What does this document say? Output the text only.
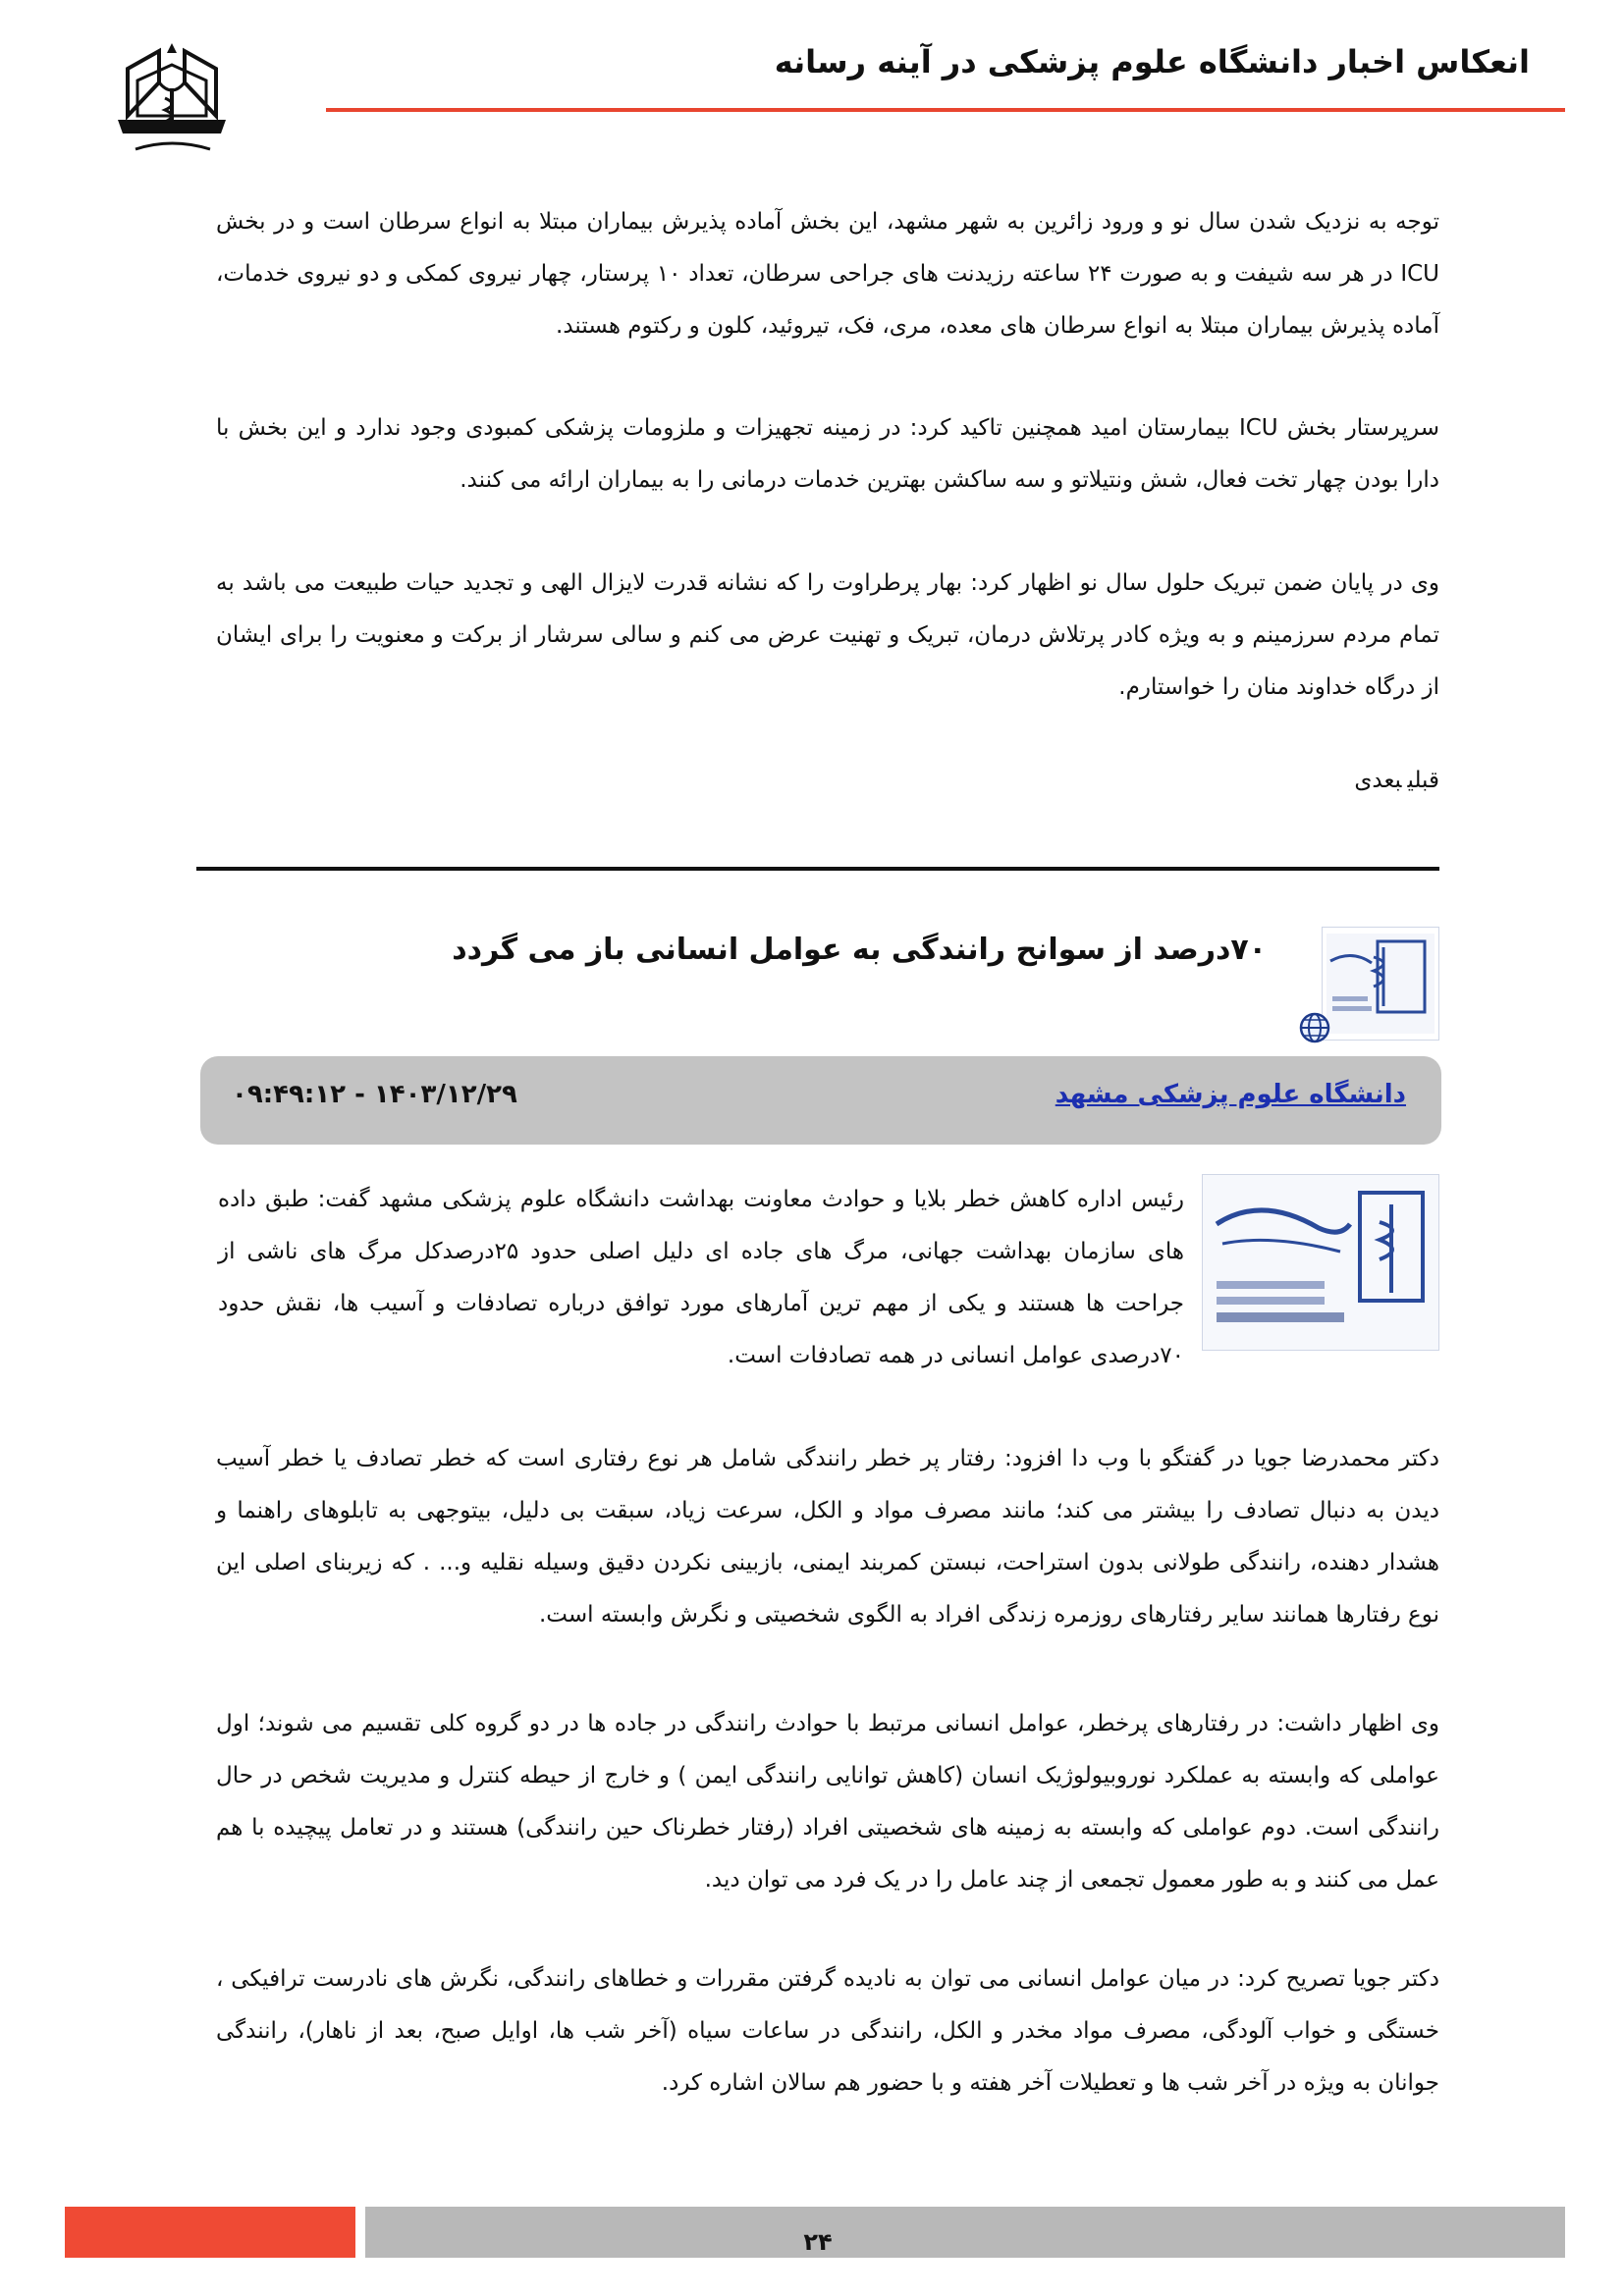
انعکاس اخبار دانشگاه علوم پزشکی در آینه رسانه
توجه به نزدیک شدن سال نو و ورود زائرین به شهر مشهد، این بخش آماده پذیرش بیماران مبتلا به انواع سرطان است و در بخش ICU در هر سه شیفت و به صورت ۲۴ ساعته رزیدنت های جراحی سرطان، تعداد ۱۰ پرستار، چهار نیروی کمکی و دو نیروی خدمات، آماده پذیرش بیماران مبتلا به انواع سرطان های معده، مری، فک، تیروئید، کلون و رکتوم هستند.
سرپرستار بخش ICU بیمارستان امید همچنین تاکید کرد: در زمینه تجهیزات و ملزومات پزشکی کمبودی وجود ندارد و این بخش با دارا بودن چهار تخت فعال، شش ونتیلاتو و سه ساکشن بهترین خدمات درمانی را به بیماران ارائه می کنند.
وی در پایان ضمن تبریک حلول سال نو اظهار کرد: بهار پرطراوت را که نشانه قدرت لایزال الهی و تجدید حیات طبیعت می باشد به تمام مردم سرزمینم و به ویژه کادر پرتلاش درمان، تبریک و تهنیت عرض می کنم و سالی سرشار از برکت و معنویت را برای ایشان از درگاه خداوند منان را خواستارم.
قبلیبعدی
۷۰درصد از سوانح رانندگی به عوامل انسانی باز می گردد
دانشگاه علوم پزشکی مشهد
۱۴۰۳/۱۲/۲۹ - ۰۹:۴۹:۱۲
رئیس اداره کاهش خطر بلایا و حوادث معاونت بهداشت دانشگاه علوم پزشکی مشهد گفت: طبق داده های سازمان بهداشت جهانی، مرگ های جاده ای دلیل اصلی حدود ۲۵درصدکل مرگ های ناشی از جراحت ها هستند و یکی از مهم ترین آمارهای مورد توافق درباره تصادفات و آسیب ها، نقش حدود ۷۰درصدی عوامل انسانی در همه تصادفات است.
دکتر محمدرضا جویا در گفتگو با وب دا افزود: رفتار پر خطر رانندگی شامل هر نوع رفتاری است که خطر تصادف یا خطر آسیب دیدن به دنبال تصادف را بیشتر می کند؛ مانند مصرف مواد و الکل، سرعت زیاد، سبقت بی دلیل، بیتوجهی به تابلوهای راهنما و هشدار دهنده، رانندگی طولانی بدون استراحت، نبستن کمربند ایمنی، بازبینی نکردن دقیق وسیله نقلیه و... . که زیربنای اصلی این نوع رفتارها همانند سایر رفتارهای روزمره زندگی افراد به الگوی شخصیتی و نگرش وابسته است.
وی اظهار داشت: در رفتارهای پرخطر، عوامل انسانی مرتبط با حوادث رانندگی در جاده ها در دو گروه کلی تقسیم می شوند؛ اول عواملی که وابسته به عملکرد نوروبیولوژیک انسان (کاهش توانایی رانندگی ایمن ) و خارج از حیطه کنترل و مدیریت شخص در حال رانندگی است. دوم عواملی که وابسته به زمینه های شخصیتی افراد (رفتار خطرناک حین رانندگی) هستند و در تعامل پیچیده با هم عمل می کنند و به طور معمول تجمعی از چند عامل را در یک فرد می توان دید.
دکتر جویا تصریح کرد: در میان عوامل انسانی می توان به نادیده گرفتن مقررات و خطاهای رانندگی، نگرش های نادرست ترافیکی ، خستگی و خواب آلودگی، مصرف مواد مخدر و الکل، رانندگی در ساعات سیاه (آخر شب ها، اوایل صبح، بعد از ناهار)، رانندگی جوانان به ویژه در آخر شب ها و تعطیلات آخر هفته و با حضور هم سالان اشاره کرد.
۲۴
